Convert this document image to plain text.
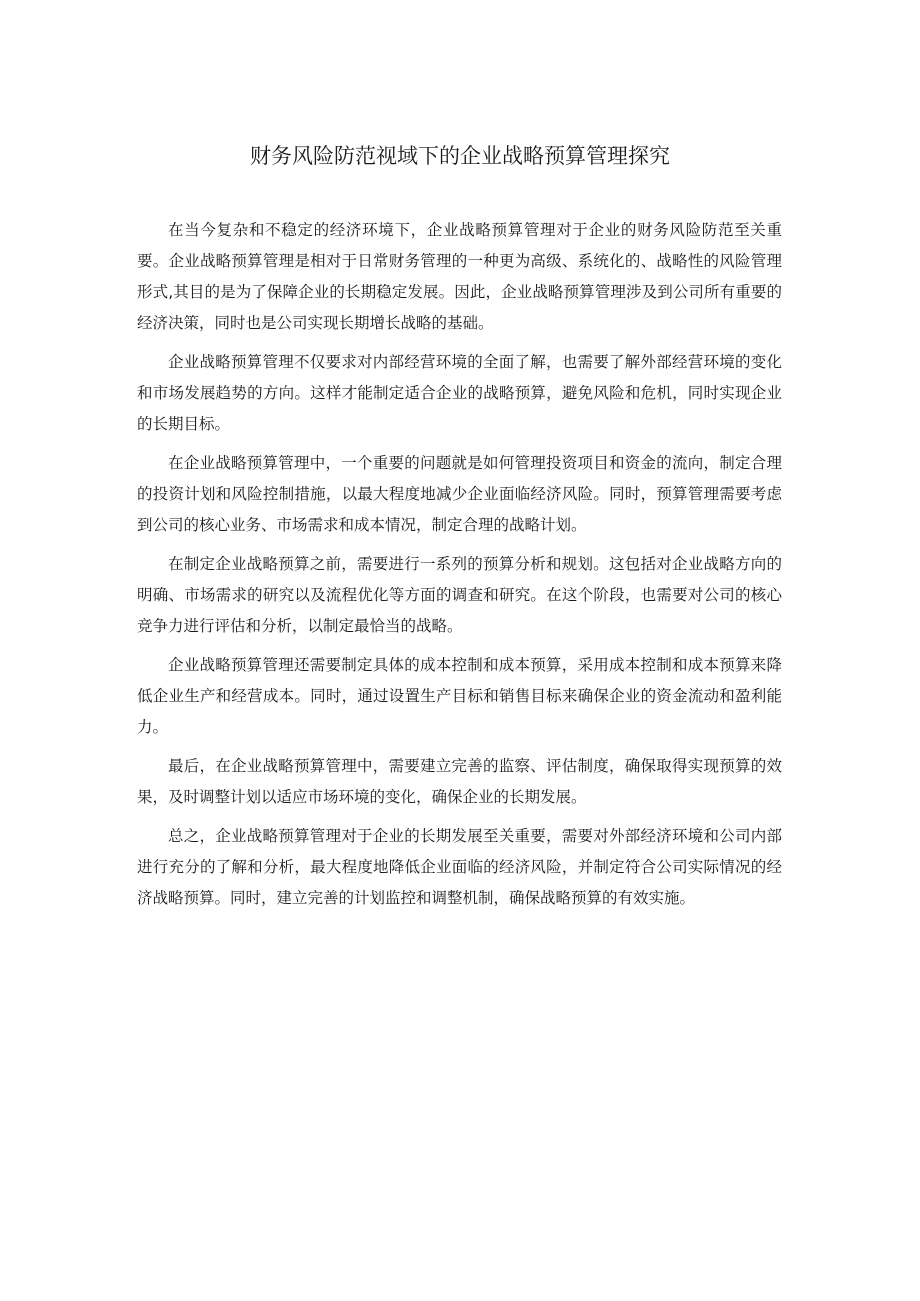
财务风险防范视域下的企业战略预算管理探究

在当今复杂和不稳定的经济环境下，企业战略预算管理对于企业的财务风险防范至关重要。企业战略预算管理是相对于日常财务管理的一种更为高级、系统化的、战略性的风险管理形式,其目的是为了保障企业的长期稳定发展。因此，企业战略预算管理涉及到公司所有重要的经济决策，同时也是公司实现长期增长战略的基础。

企业战略预算管理不仅要求对内部经营环境的全面了解，也需要了解外部经营环境的变化和市场发展趋势的方向。这样才能制定适合企业的战略预算，避免风险和危机，同时实现企业的长期目标。

在企业战略预算管理中，一个重要的问题就是如何管理投资项目和资金的流向，制定合理的投资计划和风险控制措施，以最大程度地减少企业面临经济风险。同时，预算管理需要考虑到公司的核心业务、市场需求和成本情况，制定合理的战略计划。

在制定企业战略预算之前，需要进行一系列的预算分析和规划。这包括对企业战略方向的明确、市场需求的研究以及流程优化等方面的调查和研究。在这个阶段，也需要对公司的核心竞争力进行评估和分析，以制定最恰当的战略。

企业战略预算管理还需要制定具体的成本控制和成本预算，采用成本控制和成本预算来降低企业生产和经营成本。同时，通过设置生产目标和销售目标来确保企业的资金流动和盈利能力。

最后，在企业战略预算管理中，需要建立完善的监察、评估制度，确保取得实现预算的效果，及时调整计划以适应市场环境的变化，确保企业的长期发展。

总之，企业战略预算管理对于企业的长期发展至关重要，需要对外部经济环境和公司内部进行充分的了解和分析，最大程度地降低企业面临的经济风险，并制定符合公司实际情况的经济战略预算。同时，建立完善的计划监控和调整机制，确保战略预算的有效实施。
